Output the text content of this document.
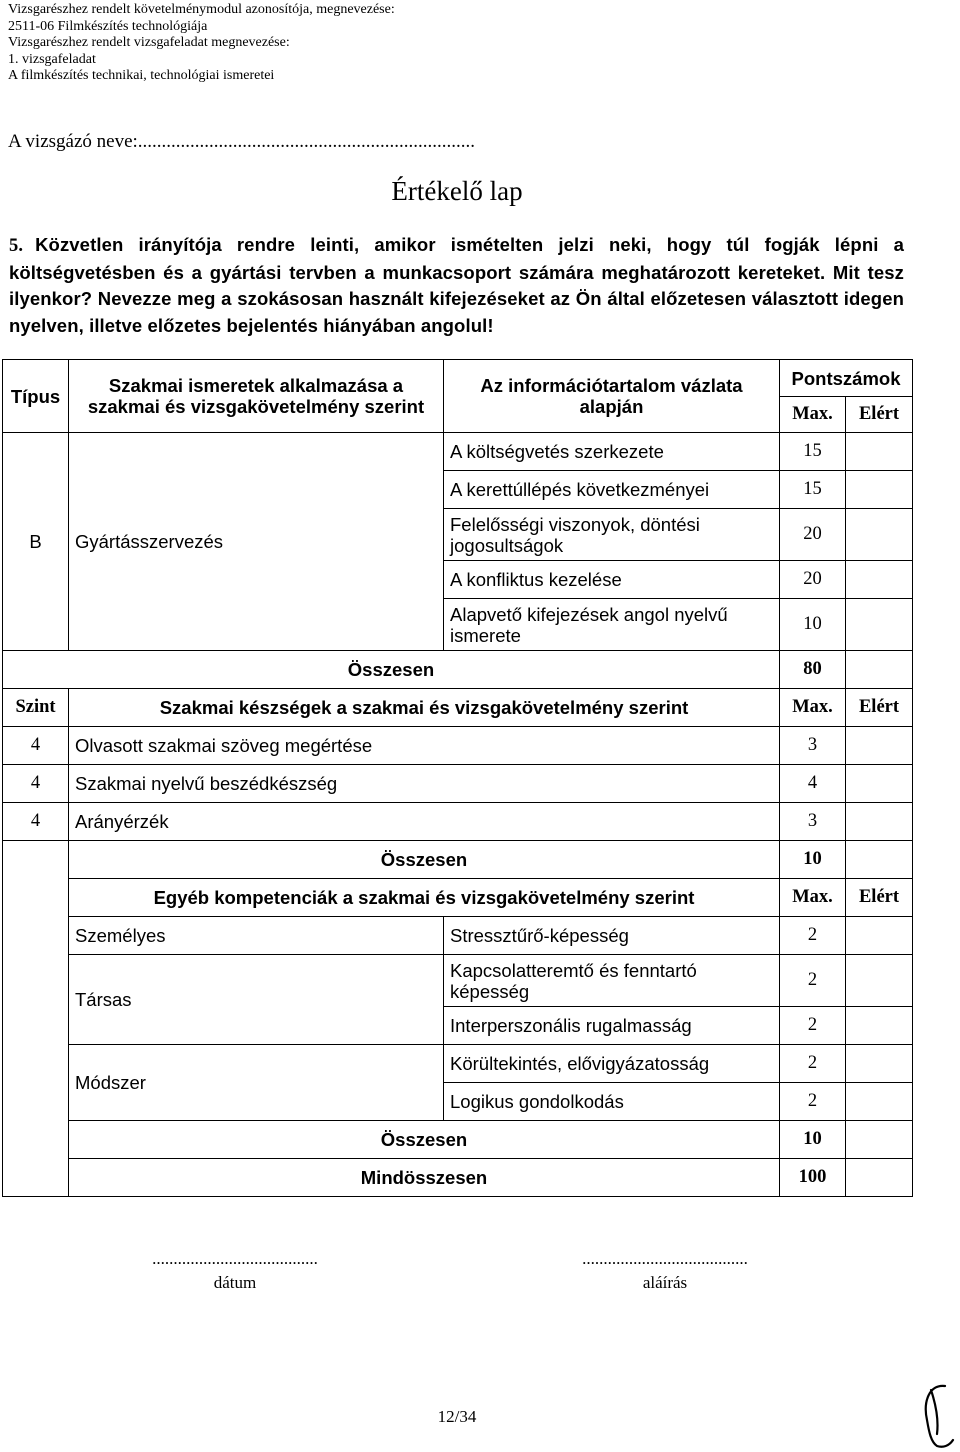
Vizsgarészhez rendelt követelménymodul azonosítója, megnevezése:
2511-06 Filmkészítés technológiája
Vizsgarészhez rendelt vizsgafeladat megnevezése:
1. vizsgafeladat
A filmkészítés technikai, technológiai ismeretei
A vizsgázó neve:.......................................................................
Értékelő lap
5. Közvetlen irányítója rendre leinti, amikor ismételten jelzi neki, hogy túl fogják lépni a költségvetésben és a gyártási tervben a munkacsoport számára meghatározott kereteket. Mit tesz ilyenkor? Nevezze meg a szokásosan használt kifejezéseket az Ön által előzetesen választott idegen nyelven, illetve előzetes bejelentés hiányában angolul!
Típus	Szakmai ismeretek alkalmazása a szakmai és vizsgakövetelmény szerint	Az információtartalom vázlata alapján	Pontszámok	
			Max.	Elért
B	Gyártásszervezés	A költségvetés szerkezete	15	
		A kerettúllépés következményei	15	
		Felelősségi viszonyok, döntési jogosultságok	20	
		A konfliktus kezelése	20	
		Alapvető kifejezések angol nyelvű ismerete	10	
Összesen			80	
Szint	Szakmai készségek a szakmai és vizsgakövetelmény szerint		Max.	Elért
4	Olvasott szakmai szöveg megértése		3	
4	Szakmai nyelvű beszédkészség		4	
4	Arányérzék		3	
	Összesen		10	
	Egyéb kompetenciák a szakmai és vizsgakövetelmény szerint		Max.	Elért
	Személyes	Stressztűrő-képesség	2	
	Társas	Kapcsolatteremtő és fenntartó képesség	2	
		Interperszonális rugalmasság	2	
	Módszer	Körültekintés, elővigyázatosság	2	
		Logikus gondolkodás	2	
	Összesen		10	
	Mindösszesen		100	
.......................................
dátum
.......................................
aláírás
12/34
